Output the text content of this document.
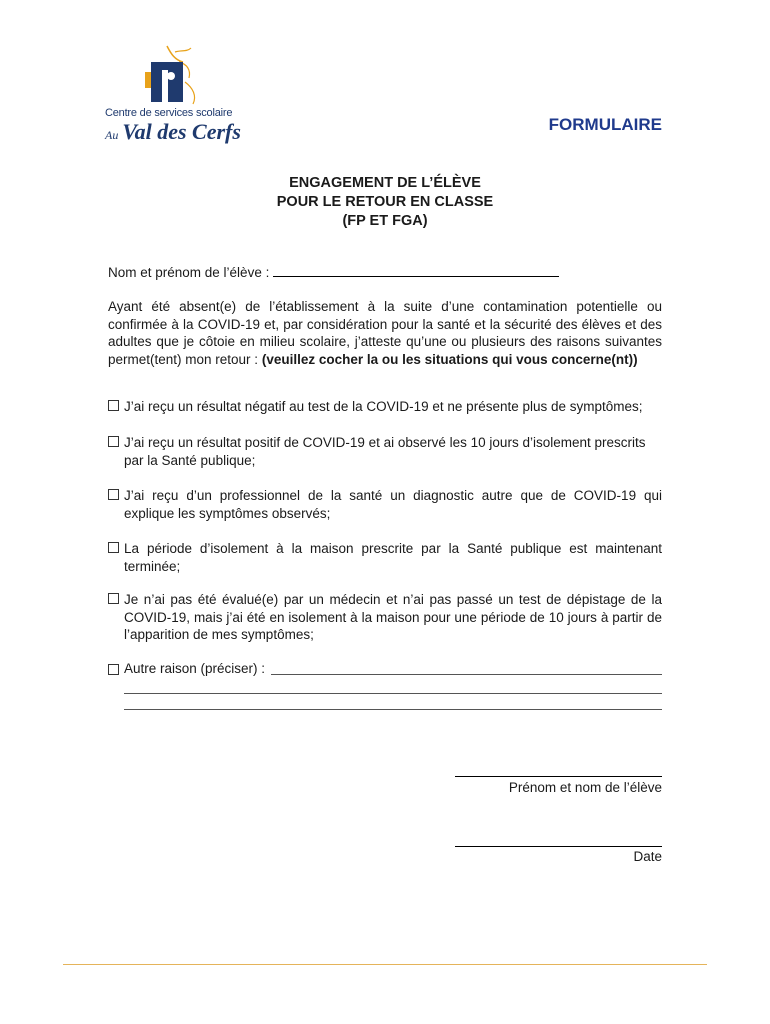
Centre de services scolaire
Au Val des Cerfs	FORMULAIRE
ENGAGEMENT DE L’ÉLÈVE
POUR LE RETOUR EN CLASSE
(FP ET FGA)
Nom et prénom de l’élève :
Ayant été absent(e) de l’établissement à la suite d’une contamination potentielle ou confirmée à la COVID-19 et, par considération pour la santé et la sécurité des élèves et des adultes que je côtoie en milieu scolaire, j’atteste qu’une ou plusieurs des raisons suivantes permet(tent) mon retour : (veuillez cocher la ou les situations qui vous concerne(nt))
J’ai reçu un résultat négatif au test de la COVID-19 et ne présente plus de symptômes;
J’ai reçu un résultat positif de COVID-19 et ai observé les 10 jours d’isolement prescrits par la Santé publique;
J’ai reçu d’un professionnel de la santé un diagnostic autre que de COVID-19 qui explique les symptômes observés;
La période d’isolement à la maison prescrite par la Santé publique est maintenant terminée;
Je n’ai pas été évalué(e) par un médecin et n’ai pas passé un test de dépistage de la COVID-19, mais j’ai été en isolement à la maison pour une période de 10 jours à partir de l’apparition de mes symptômes;
Autre raison (préciser) :
Prénom et nom de l’élève
Date
